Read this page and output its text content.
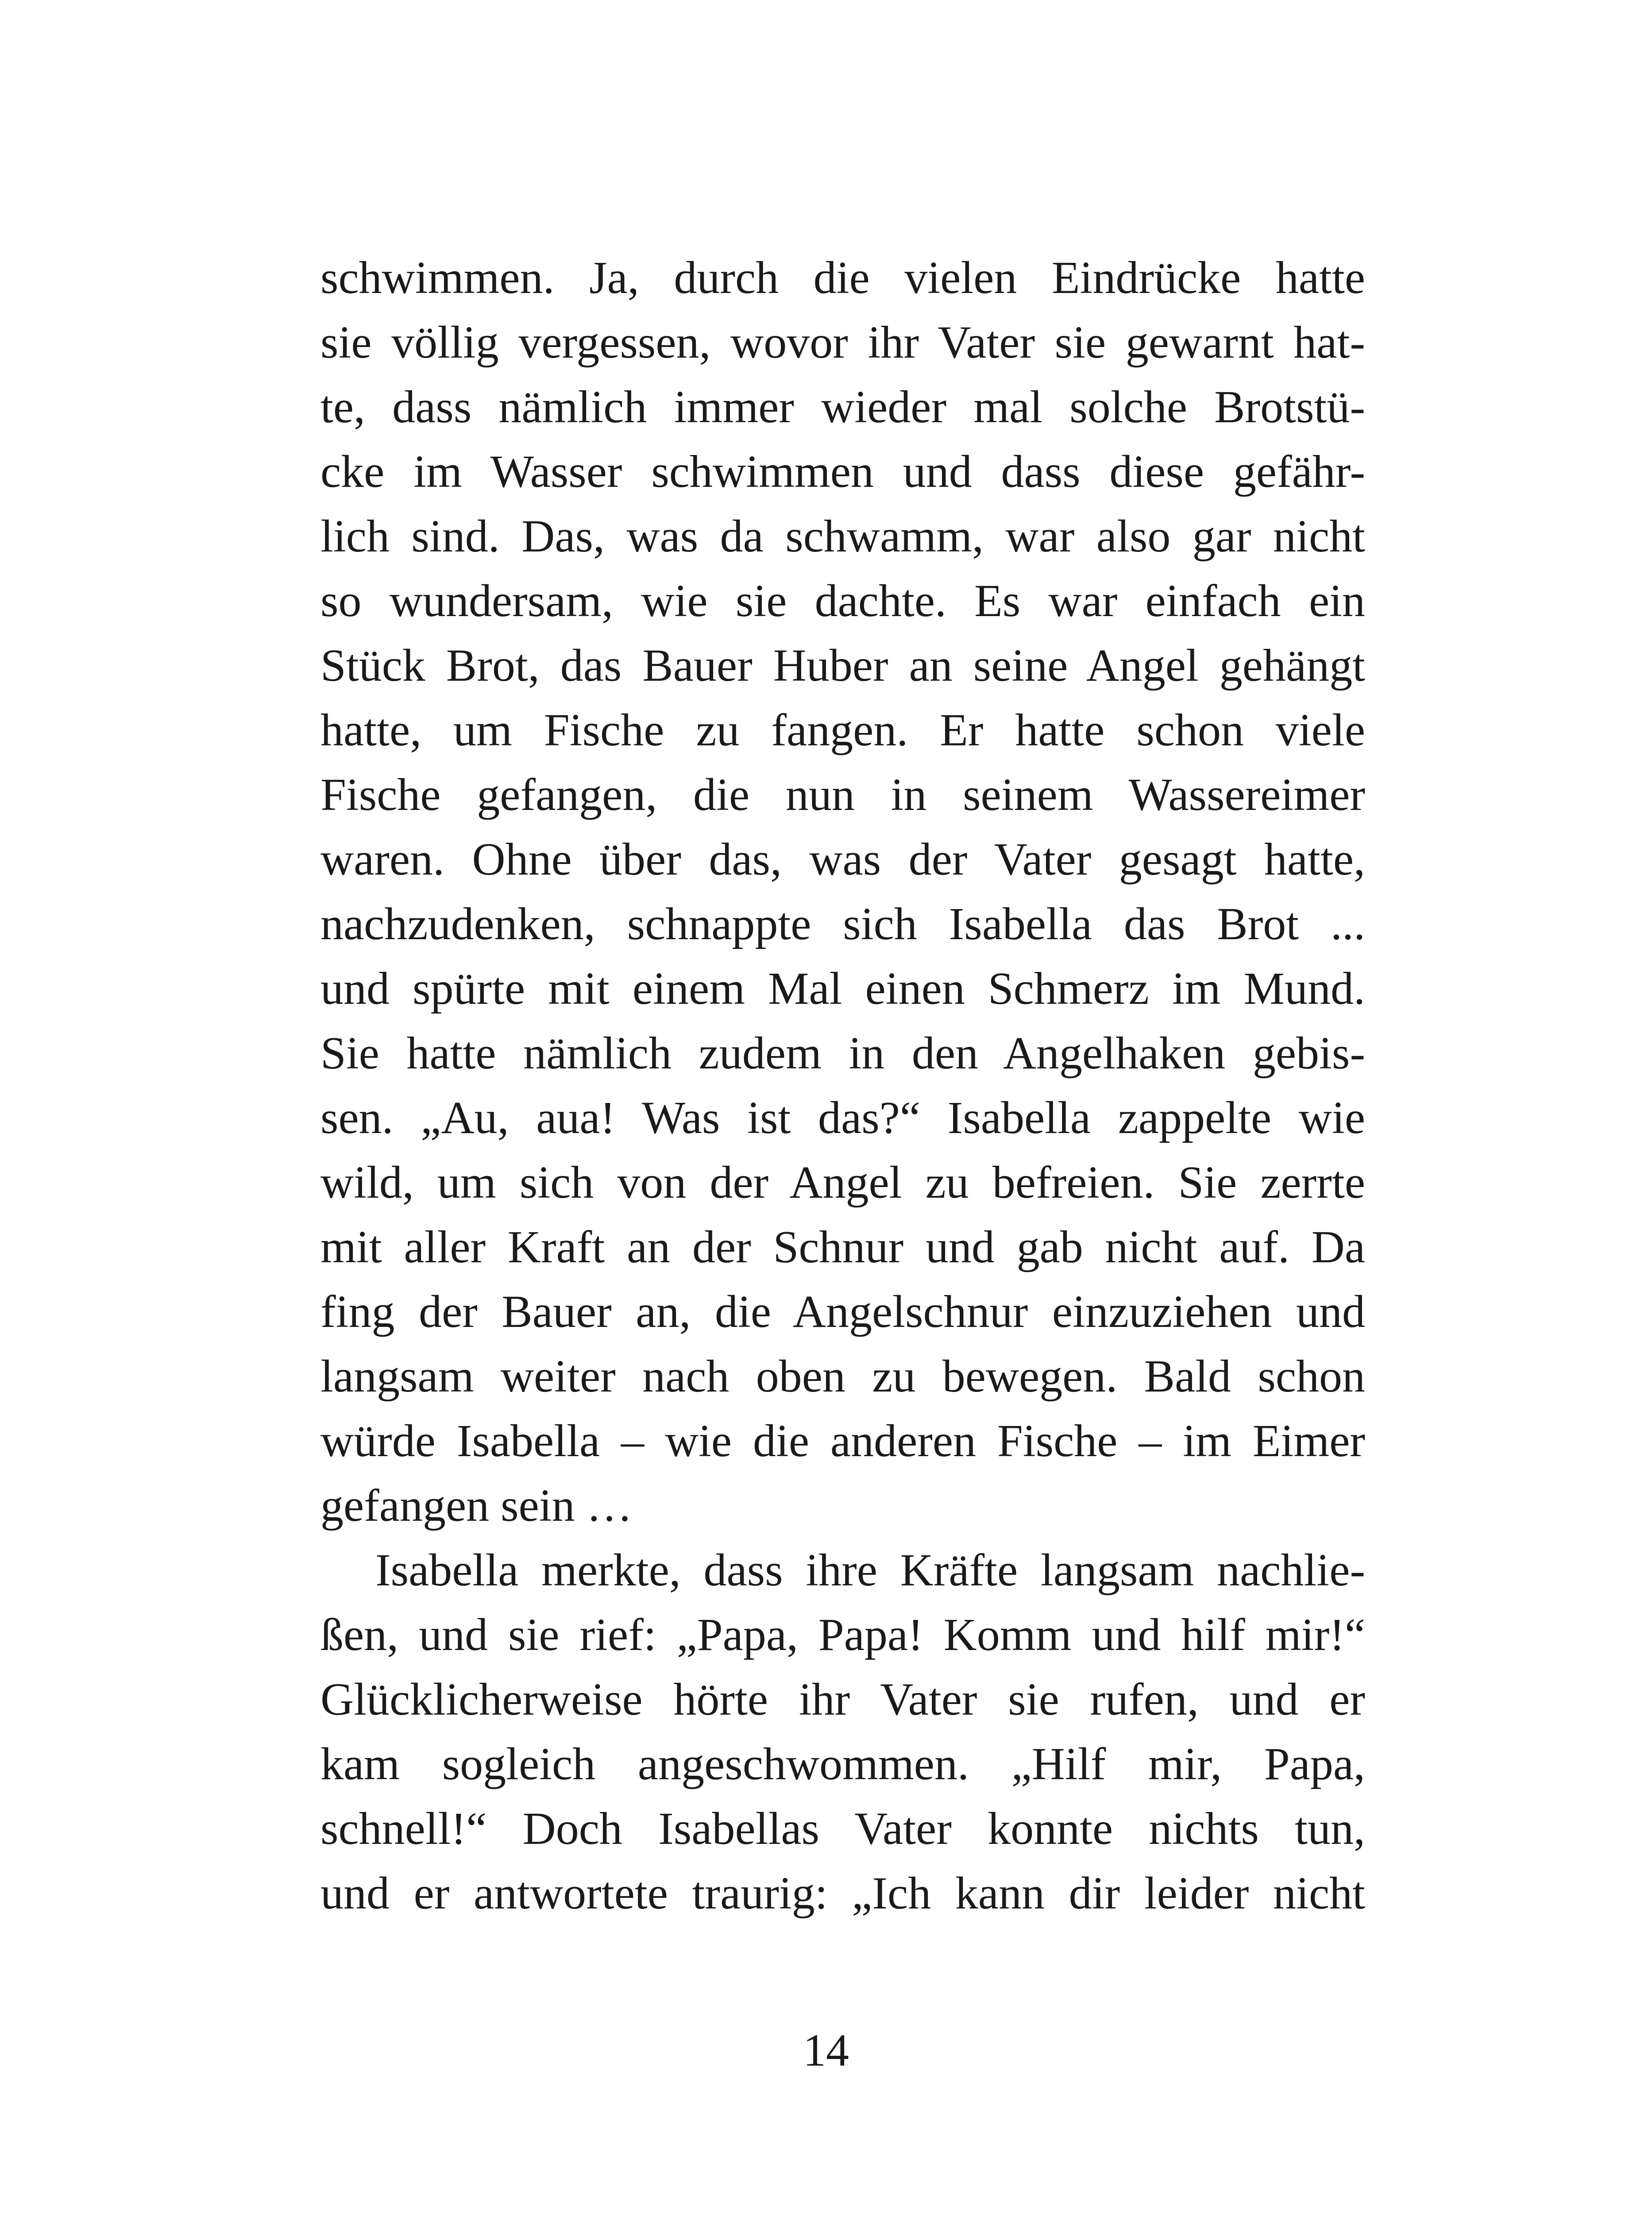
schwimmen. Ja, durch die vielen Eindrücke hatte
sie völlig vergessen, wovor ihr Vater sie gewarnt hat-
te, dass nämlich immer wieder mal solche Brotstü-
cke im Wasser schwimmen und dass diese gefähr-
lich sind. Das, was da schwamm, war also gar nicht
so wundersam, wie sie dachte. Es war einfach ein
Stück Brot, das Bauer Huber an seine Angel gehängt
hatte, um Fische zu fangen. Er hatte schon viele
Fische gefangen, die nun in seinem Wassereimer
waren. Ohne über das, was der Vater gesagt hatte,
nachzudenken, schnappte sich Isabella das Brot ...
und spürte mit einem Mal einen Schmerz im Mund.
Sie hatte nämlich zudem in den Angelhaken gebis-
sen. „Au, aua! Was ist das?“ Isabella zappelte wie
wild, um sich von der Angel zu befreien. Sie zerrte
mit aller Kraft an der Schnur und gab nicht auf. Da
fing der Bauer an, die Angelschnur einzuziehen und
langsam weiter nach oben zu bewegen. Bald schon
würde Isabella – wie die anderen Fische – im Eimer
gefangen sein …
Isabella merkte, dass ihre Kräfte langsam nachlie-
ßen, und sie rief: „Papa, Papa! Komm und hilf mir!“
Glücklicherweise hörte ihr Vater sie rufen, und er
kam sogleich angeschwommen. „Hilf mir, Papa,
schnell!“ Doch Isabellas Vater konnte nichts tun,
und er antwortete traurig: „Ich kann dir leider nicht
14
